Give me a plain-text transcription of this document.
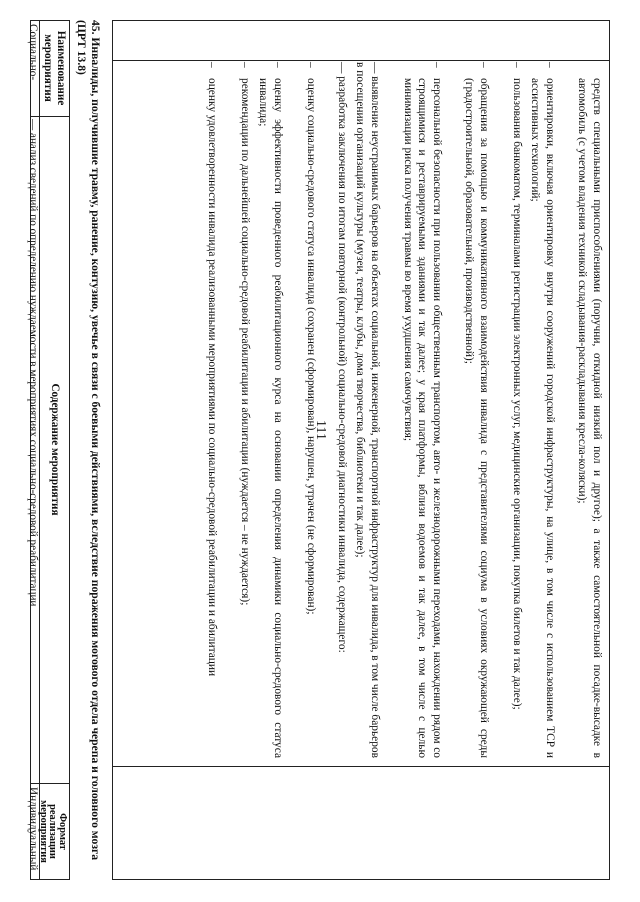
111	средств специальными приспособлениями (поручни, откидной низкий пол и другое); а также самостоятельной посадке-высадке в автомобиль (с учетом владения техникой складывания-раскладывания кресла-коляски);
–
ориентировки, включая ориентировку внутри сооружений городской инфраструктуры, на улице, в том числе с использованием ТСР и ассистивных технологий;
–
пользования банкоматом, терминалами регистрации электронных услуг, медицинские организации, покупка билетов и так далее);
–
обращения за помощью и коммуникативного взаимодействия инвалида с представителями социума в условиях окружающей среды (градостроительной, образовательной, производственной);
–
персональной безопасности при пользовании общественным транспортом, авто- и железнодорожными переходами, нахождении рядом со строящимися и реставрируемыми зданиями и так далее; у края платформы, вблизи водоемов и так далее, в том числе с целью минимизации риска получения травмы во время ухудшения самочувствия;
— выявление неустранимых барьеров на объектах социальной, инженерной, транспортной инфраструктур для инвалида, в том числе барьеров в посещении организаций культуры (музеи, театры, клубы, дома творчества, библиотеки и так далее);
— разработка заключения по итогам повторной (контрольной) социально-средовой диагностики инвалида, содержащего:
–
оценку социально-средового статуса инвалида (сохранен (сформирован), нарушен, утрачен (не сформирован);
–
оценку эффективности проведенного реабилитационного курса на основании определения динамики социально-средового статуса инвалида;
–
рекомендации по дальнейшей социально-средовой реабилитации и абилитации (нуждается – не нуждается);
–
оценку удовлетворенности инвалида реализованными мероприятиями по социально-средовой реабилитации и абилитации
45. Инвалиды, получившие травму, ранение, контузию, увечье в связи с боевыми действиями, вследствие поражения могового отдела черепа и головного мозга (ЦРТ 13.8)
Наименование мероприятия
Содержание мероприятия
Формат реализации мероприятия
Социально-
— анализ сведений по определению нуждаемости в мероприятиях социально-средовой реабилитации
Индивидуальный
